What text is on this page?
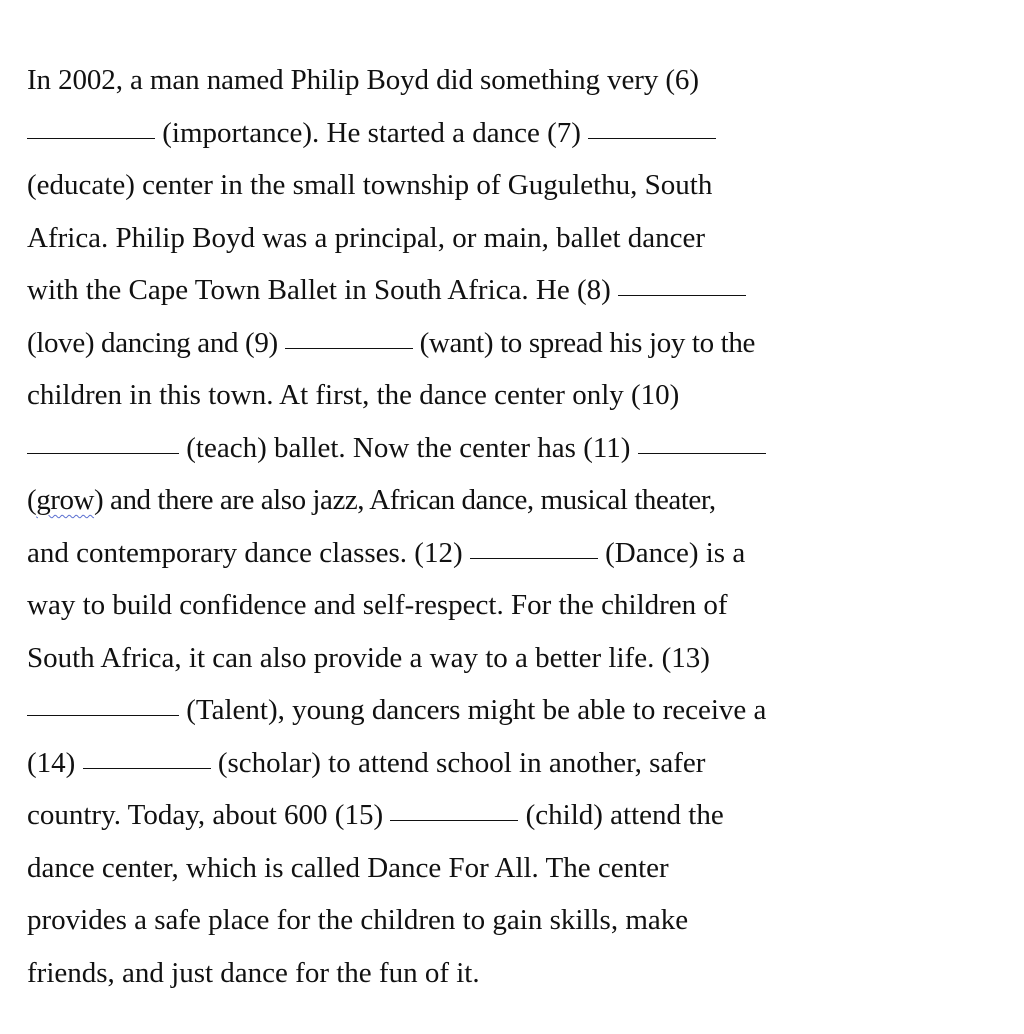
In 2002, a man named Philip Boyd did something very (6)
(importance). He started a dance (7)
(educate) center in the small township of Gugulethu, South
Africa. Philip Boyd was a principal, or main, ballet dancer
with the Cape Town Ballet in South Africa. He (8)
(love) dancing and (9)	(want) to spread his joy to the
children in this town. At first, the dance center only (10)
(teach) ballet. Now the center has (11)
(grow) and there are also jazz, African dance, musical theater,
and contemporary dance classes. (12)	(Dance) is a
way to build confidence and self-respect. For the children of
South Africa, it can also provide a way to a better life. (13)
(Talent), young dancers might be able to receive a
(14)	(scholar) to attend school in another, safer
country. Today, about 600 (15)	(child) attend the
dance center, which is called Dance For All. The center
provides a safe place for the children to gain skills, make
friends, and just dance for the fun of it.
